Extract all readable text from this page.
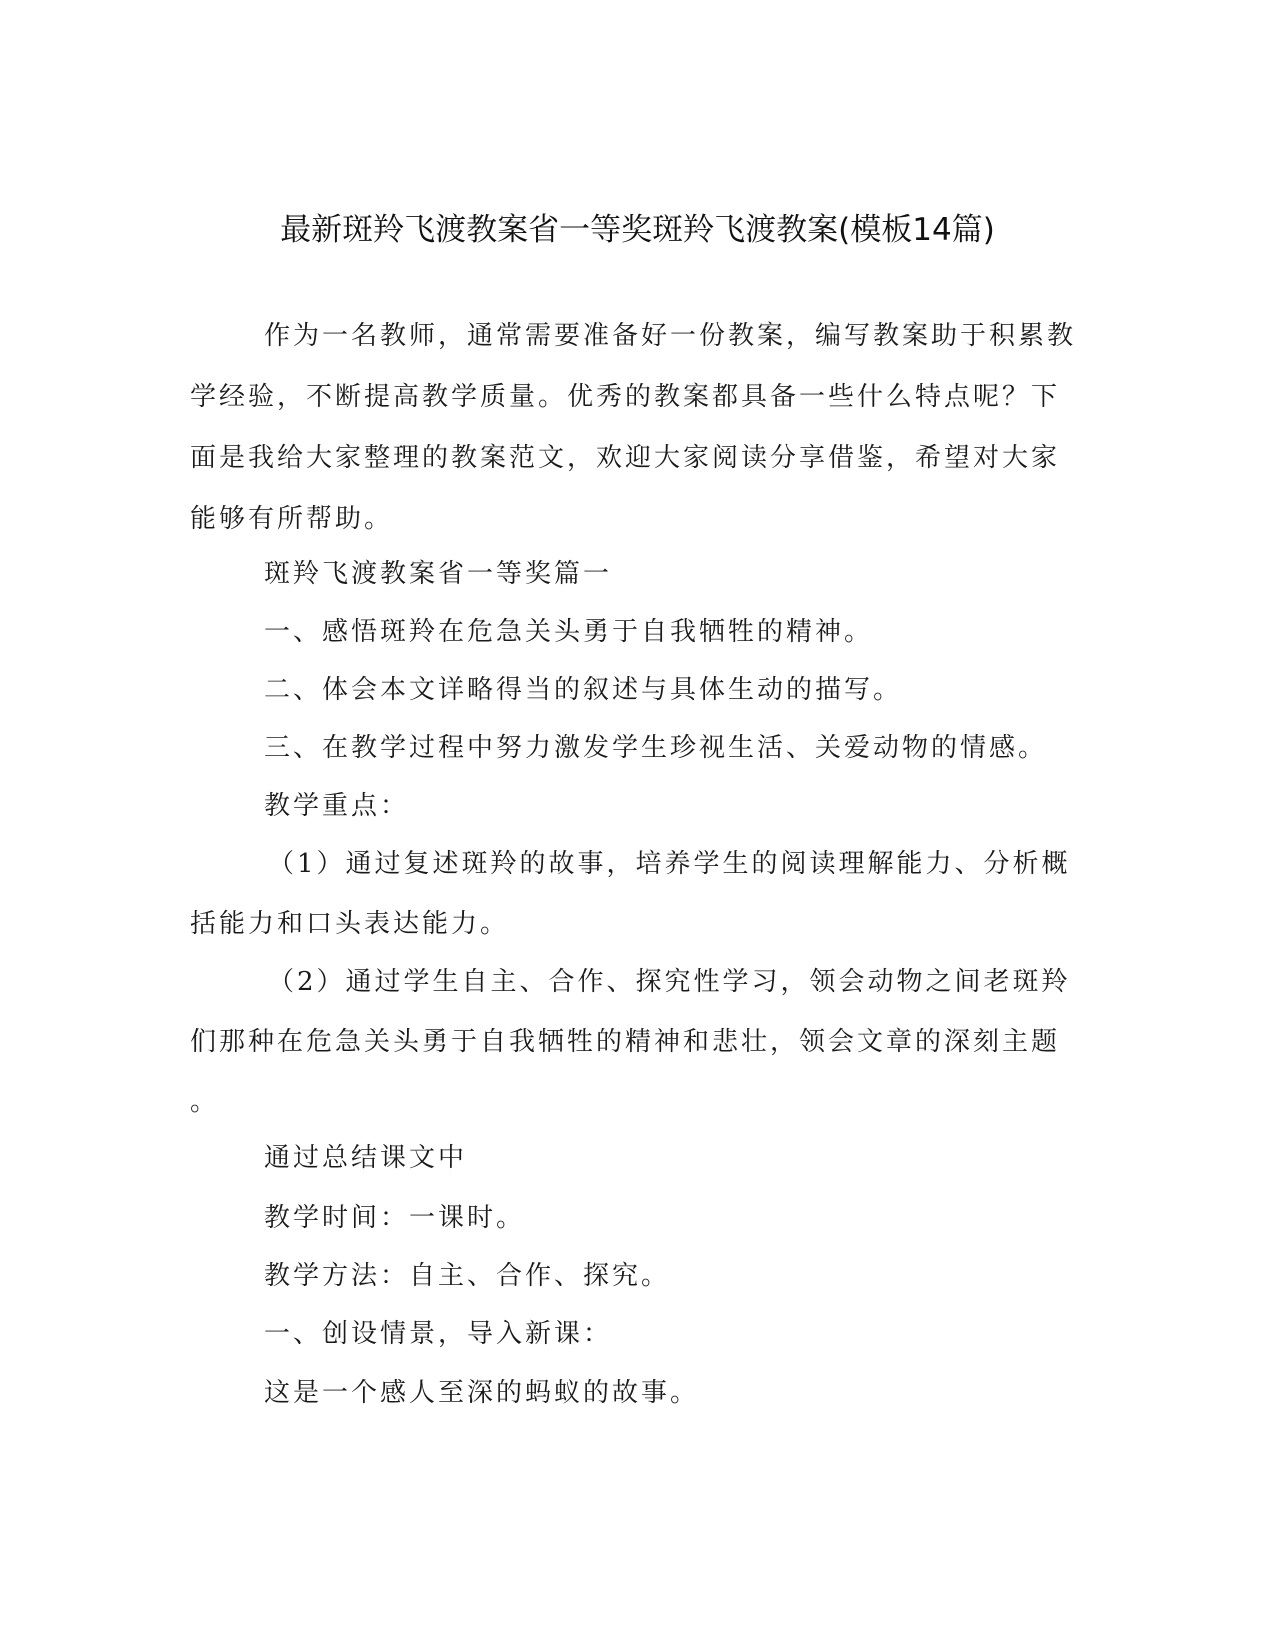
最新斑羚飞渡教案省一等奖斑羚飞渡教案(模板14篇)

作为一名教师，通常需要准备好一份教案，编写教案助于积累教学经验，不断提高教学质量。优秀的教案都具备一些什么特点呢？下面是我给大家整理的教案范文，欢迎大家阅读分享借鉴，希望对大家能够有所帮助。

斑羚飞渡教案省一等奖篇一
一、感悟斑羚在危急关头勇于自我牺牲的精神。
二、体会本文详略得当的叙述与具体生动的描写。
三、在教学过程中努力激发学生珍视生活、关爱动物的情感。
教学重点：
（1）通过复述斑羚的故事，培养学生的阅读理解能力、分析概
括能力和口头表达能力。
（2）通过学生自主、合作、探究性学习，领会动物之间老斑羚
们那种在危急关头勇于自我牺牲的精神和悲壮，领会文章的深刻主题
。
通过总结课文中
教学时间：一课时。
教学方法：自主、合作、探究。
一、创设情景，导入新课：
这是一个感人至深的蚂蚁的故事。
